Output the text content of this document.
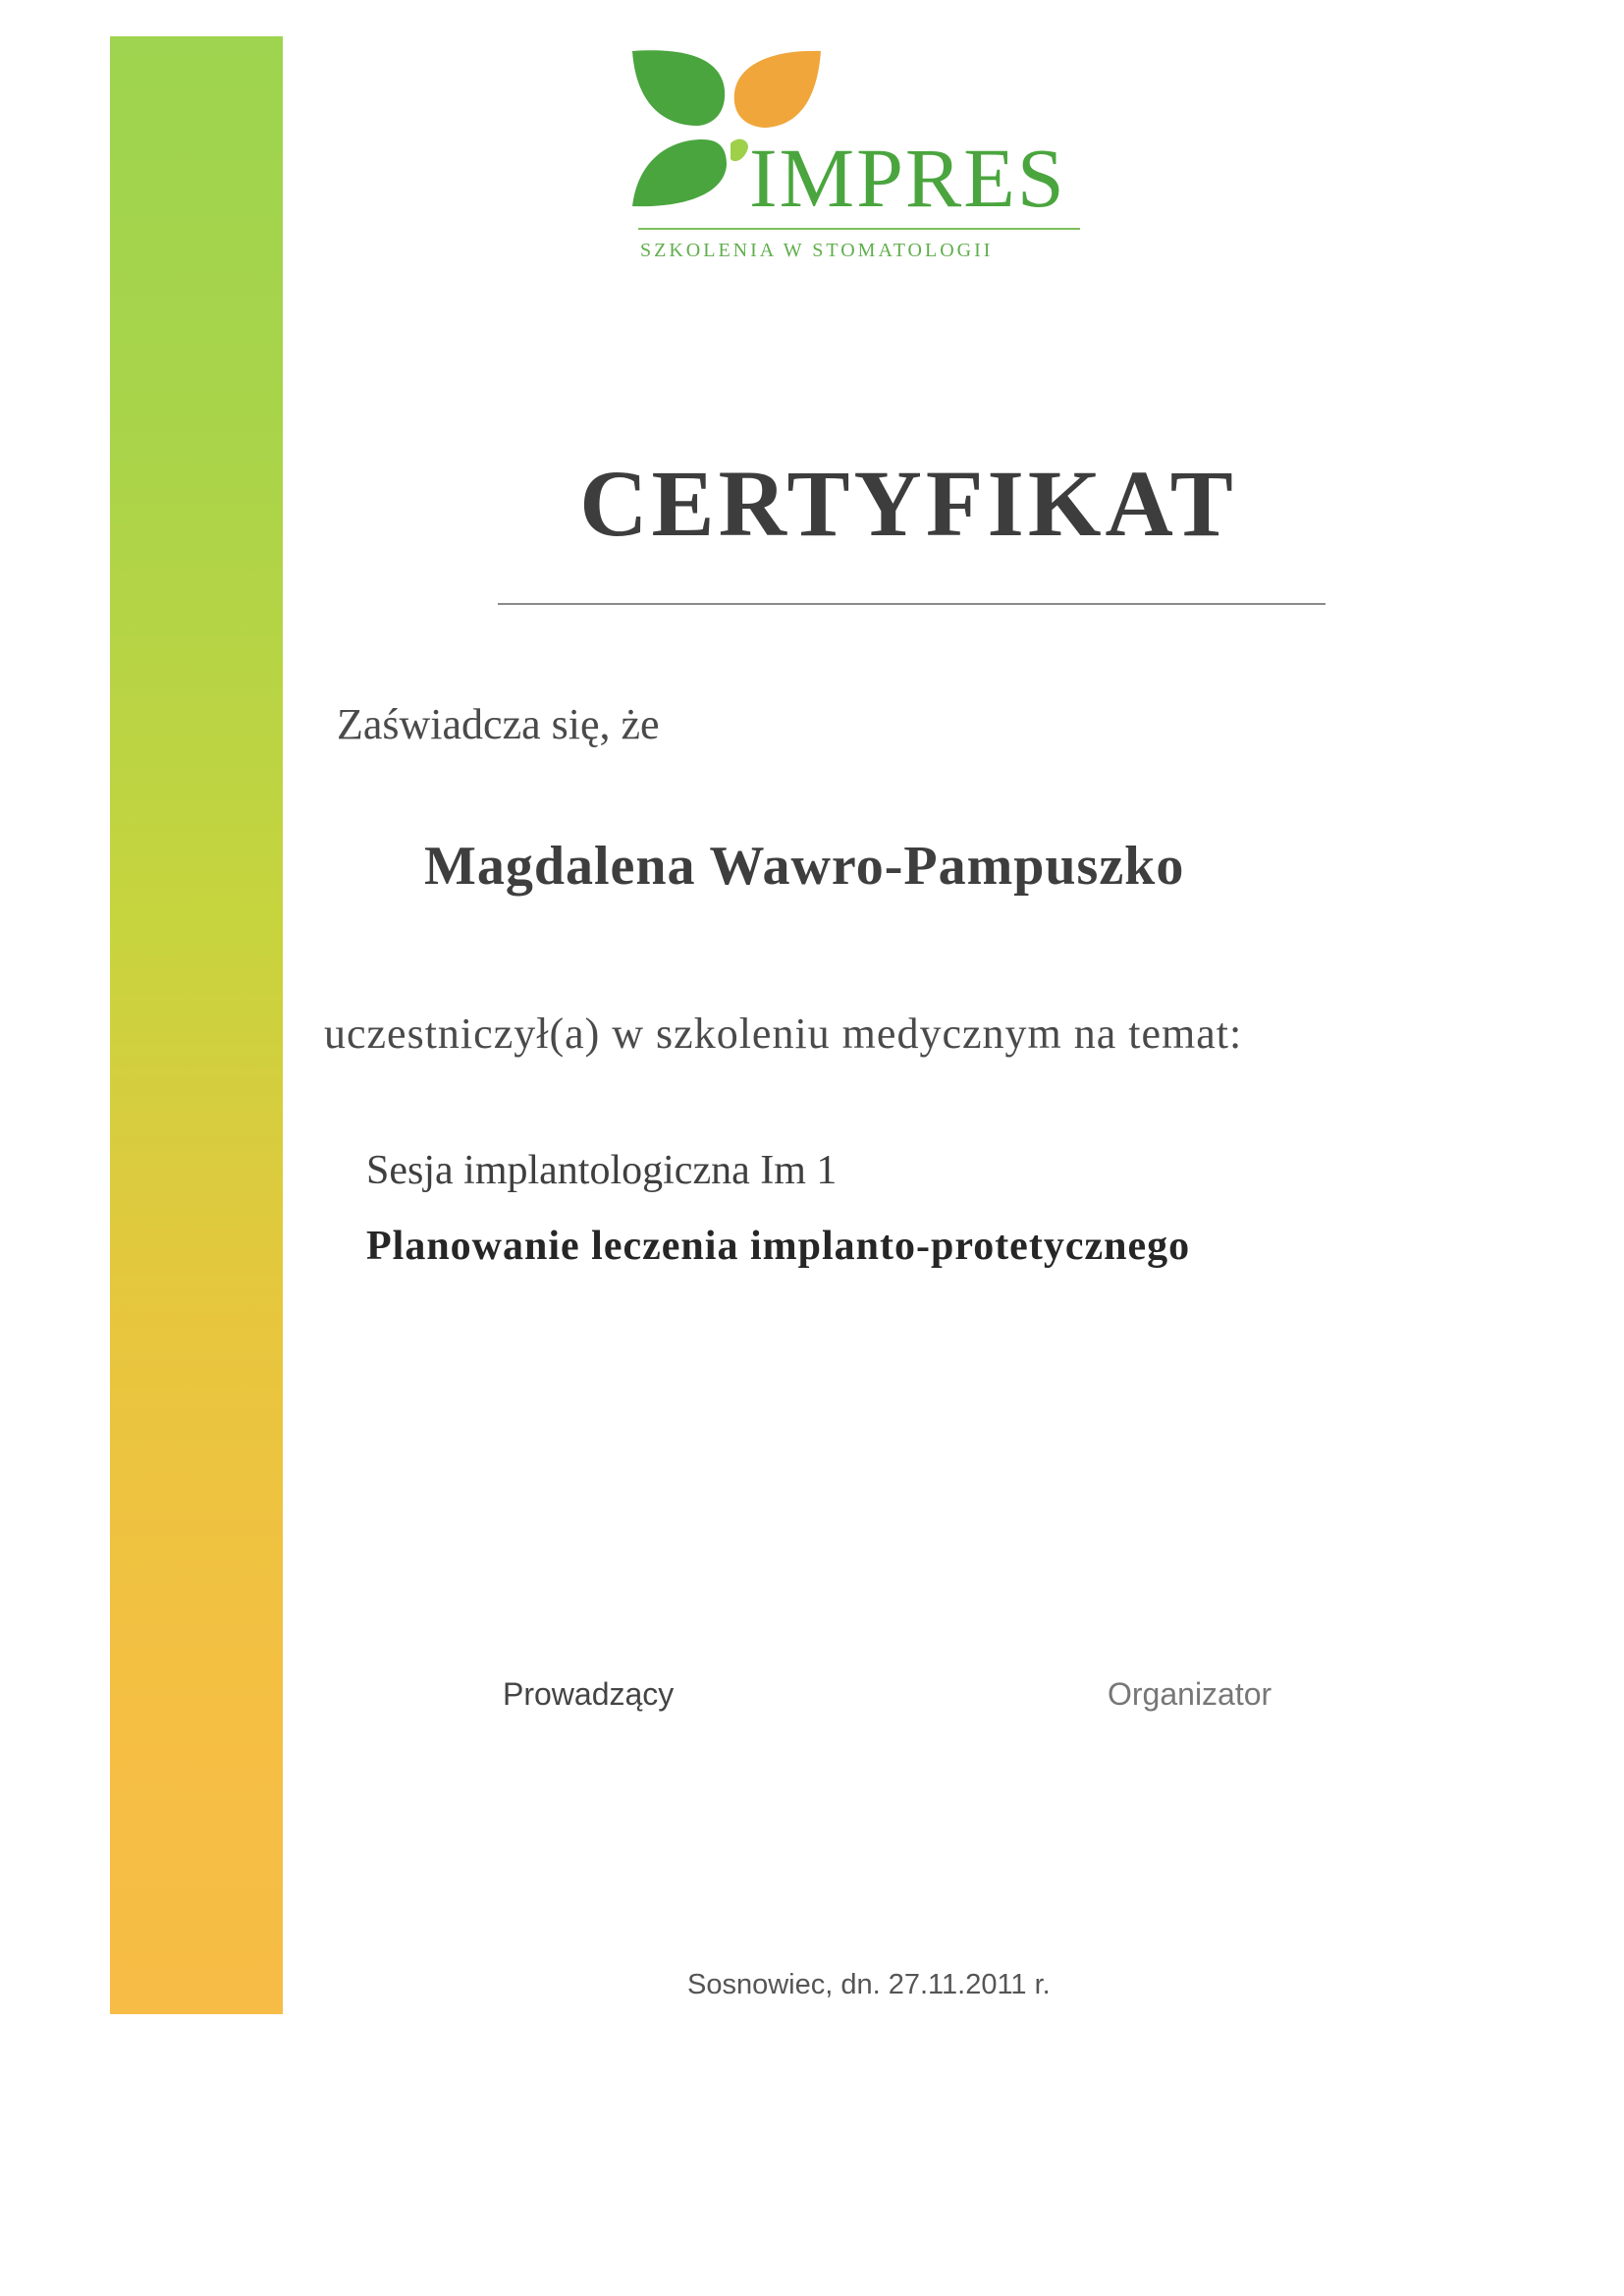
IMPRES
SZKOLENIA W STOMATOLOGII
CERTYFIKAT

Zaświadcza się, że

Magdalena Wawro-Pampuszko

uczestniczył(a) w szkoleniu medycznym na temat:

Sesja implantologiczna Im 1

Planowanie leczenia implanto-protetycznego

Prowadzący	Organizator

Sosnowiec, dn. 27.11.2011 r.
